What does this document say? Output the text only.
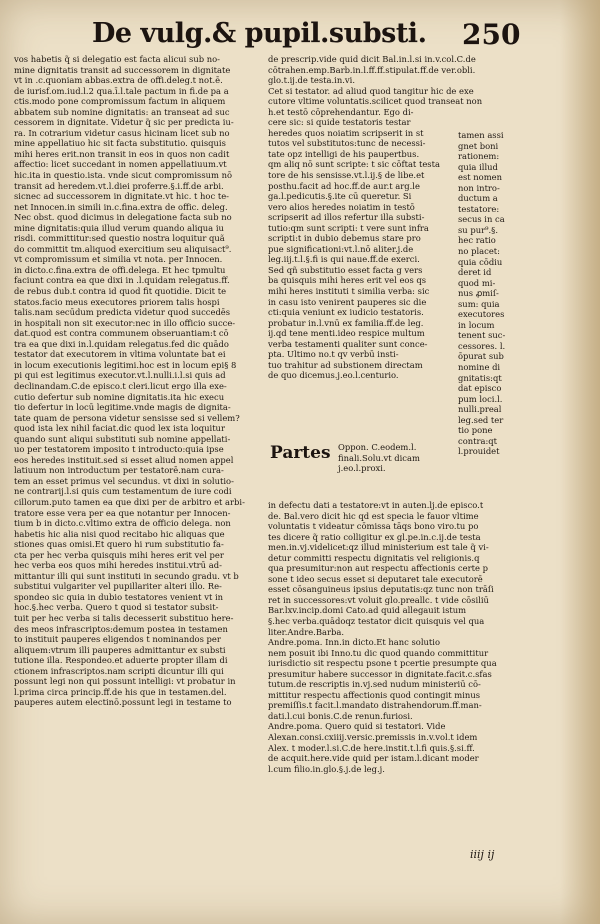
De vulg.& pupil.substi. 250
vos habetis q̃ si delegatio est facta alicui sub no-
mine dignitatis transit ad successorem in dignitate
vt in .c.quoniam abbas.extra de offi.deleg.t not.ē.
de iurisf.om.iud.l.2 qua.ī.l.tale pactum in fi.de pa a
ctis.modo pone compromissum factum in aliquem
abbatem sub nomine dignitatis: an transeat ad suc
cessorem in dignitate. Videtur q̃ sic per predicta iu-
ra. In cotrarium videtur casus hicinam licet sub no
mine appellatiuo hic sit facta substitutio. quisquis
mihi heres erit.non transit in eos in quos non cadit
affectio: licet succedant in nomen appellatiuum.vt
hic.ita in questio.ista. vnde sicut compromissum nō
transit ad heredem.vt.l.diei proferre.§.i.ff.de arbi.
sicnec ad successorem in dignitate.vt hic. t hoc te-
net Innocen.in simili in.c.fina.extra de offic. deleg.
Nec obst. quod dicimus in delegatione facta sub no
mine dignitatis:quia illud verum quando aliqua iu
risdi. committitur:sed questio nostra loquitur quã
do committit tm.aliquod exercitium seu aliquisact⁹.
vt compromissum et similia vt nota. per Innocen.
in dicto.c.fina.extra de offi.delega. Et hec tpmultu
faciunt contra ea que dixi in .l.quidam relegatus.ff.
de rebus dub.t contra id quod fit quotidie. Dicit te
statos.facio meus executores priorem talis hospi
talis.nam secūdum predicta videtur quod succedēs
in hospitali non sit executor:nec in illo officio succe-
dat.quod est contra communem obseruantiam:t cō
tra ea que dixi in.l.quidam relegatus.fed dic quādo
testator dat executorem in vltima voluntate bat ei
in locum executionis legitimi.hoc est in locum epi§ 8
pi qui est legitimus executor.vt.l.nulli.i.l.si quis ad
declinandam.C.de episco.t cleri.licut ergo illa exe-
cutio defertur sub nomine dignitatis.ita hic execu
tio defertur in locū legitime.vnde magis de dignita-
tate quam de persona videtur sensisse sed si vellem?
quod ista lex nihil faciat.dic quod lex ista loquitur
quando sunt aliqui substituti sub nomine appellati-
uo per testatorem imposito t introducto:quia ipse
eos heredes instituit.sed si esset aliud nomen appel
latiuum non introductum per testatorē.nam cura-
tem an esset primus vel secundus. vt dixi in solutio-
ne contrarij.l.si quis cum testamentum de iure codi
cillorum.puto tamen ea que dixi per de arbitro et arbi-
tratore esse vera per ea que notantur per Innocen-
tium b in dicto.c.vltimo extra de officio delega. non
habetis hic alia nisi quod recitabo hic aliquas que
stiones quas omisi.Et quero hi rum substitutio fa-
cta per hec verba quisquis mihi heres erit vel per
hec verba eos quos mihi heredes institui.vtrū ad-
mittantur illi qui sunt instituti in secundo gradu. vt b
substitui vulgariter vel pupillariter alteri illo. Re-
spondeo sic quia in dubio testatores venient vt in
hoc.§.hec verba. Quero t quod si testator subsit-
tuit per hec verba si talis decesserit substituo here-
des meos infrascriptos:demum postea in testamen
to instituit pauperes eligendos t nominandos per
aliquem:vtrum illi pauperes admittantur ex substi
tutione illa. Respondeo.et aduerte propter illam di
ctionem infrascriptos.nam scripti dicuntur illi qui
possunt legi non qui possunt intelligi: vt probatur in
l.prima circa princip.ff.de his que in testamen.del.
pauperes autem electinō.possunt legi in testame to
de prescrip.vide quid dicit Bal.in.l.si in.v.col.C.de
cōtrahen.emp.Barb.in.l.ff.ff.stipulat.ff.de ver.obli.
glo.t.ij.de testa.in.vi.
Cet si testator. ad aliud quod tangitur hic de exe
cutore vltime voluntatis.scilicet quod transeat non
h.et testō cōprehendantur. Ego di-
cere sic: si quide testatoris testar
heredes quos noiatim scripserit in st
tutos vel substitutos:tunc de necessi-
tate opz intelligi de his paupertbus.
qm aliq nō sunt scripte: t sic cōftat testa
tore de his sensisse.vt.l.ij.§ de libe.et
posthu.facit ad hoc.ff.de aur.t arg.le
ga.l.pedicutis.§.ite cū queretur. Si
vero alios heredes noiatim in testō
scripserit ad illos refertur illa substi-
tutio:qm sunt scripti: t vere sunt infra
scripti:t in dubio debemus stare pro
pue significationi:vt.l.nō aliter.j.de
leg.iij.t.l.§.fi is qui naue.ff.de exerci.
Sed qñ substitutio esset facta g vers
ba quisquis mihi heres erit vel eos qs
mihi heres instituti t similia verba: sic
in casu isto venirent pauperes sic die
cti:quia veniunt ex iudicio testatoris.
probatur in.l.vnū ex familia.ff.de leg.
ij.qd tene menti.ideo respice multum
verba testamenti qualiter sunt conce-
pta. Ultimo no.t qv verbū insti-
tuo trahitur ad substionem directam
de quo dicemus.j.eo.l.centurio.
tamen assi
gnet boni
rationem:
quia illud
est nomen
non intro-
ductum a
testatore:
secus in ca
su pur⁹.§.
hec ratio
no placet:
quia cōdiu
deret id
quod mi-
nus ꝓmiſ-
sum: quia
executores
in locum
tenent suc-
cessores. l.
ōpurat sub
nomine di
gnitatis:qt
dat episco
pum loci.l.
nulli.preal
leg.sed ter
tio pone
contra:qt
l.prouidet
Partes Oppon. C.eodem.l.
finali.Solu.vt dicam
j.eo.l.proxi.
in defectu dati a testatore:vt in auten.lj.de episco.t
de. Bal.vero dicit hic qd est specia le fauor vltime
voluntatis t videatur cōmissa tāqs bono viro.tu po
tes dicere q̃ ratio colligitur ex gl.pe.in.c.ij.de testa
men.in.vj.videlicet:qz illud ministerium est tale q̃ vi-
detur committi respectu dignitatis vel religionis.q
qua presumitur:non aut respectu affectionis certe p
sone t ideo secus esset si deputaret tale executorē
esset cōsanguineus ipsius deputatis:qz tunc non trāſi
ret in successores:vt voluit glo.preallc. t vide cōsiliū
Bar.lxv.incip.domi Cato.ad quid allegauit istum
§.hec verba.quādoqz testator dicit quisquis vel qua
liter.Andre.Barba.
Andre.poma. Inn.in dicto.Et hanc solutio
nem posuit ibi Inno.tu dic quod quando committitur
iurisdictio sit respectu psone t pcertie presumpte qua
presumitur habere successor in dignitate.facit.c.sfas
tutum.de rescriptis in.vj.sed nudum ministeriū cō-
mittitur respectu affectionis quod contingit minus
premiſſis.t facit.l.mandato distrahendorum.ff.man-
dati.l.cui bonis.C.de renun.furiosi.
Andre.poma. Quero quid si testatori. Vide
Alexan.consi.cxiiij.versic.premissis in.v.vol.t idem
Alex. t moder.l.si.C.de here.instit.t.l.fi quis.§.si.ff.
de acquit.here.vide quid per istam.l.dicant moder
l.cum filio.in.glo.§.j.de leg.j.
iiij ij
